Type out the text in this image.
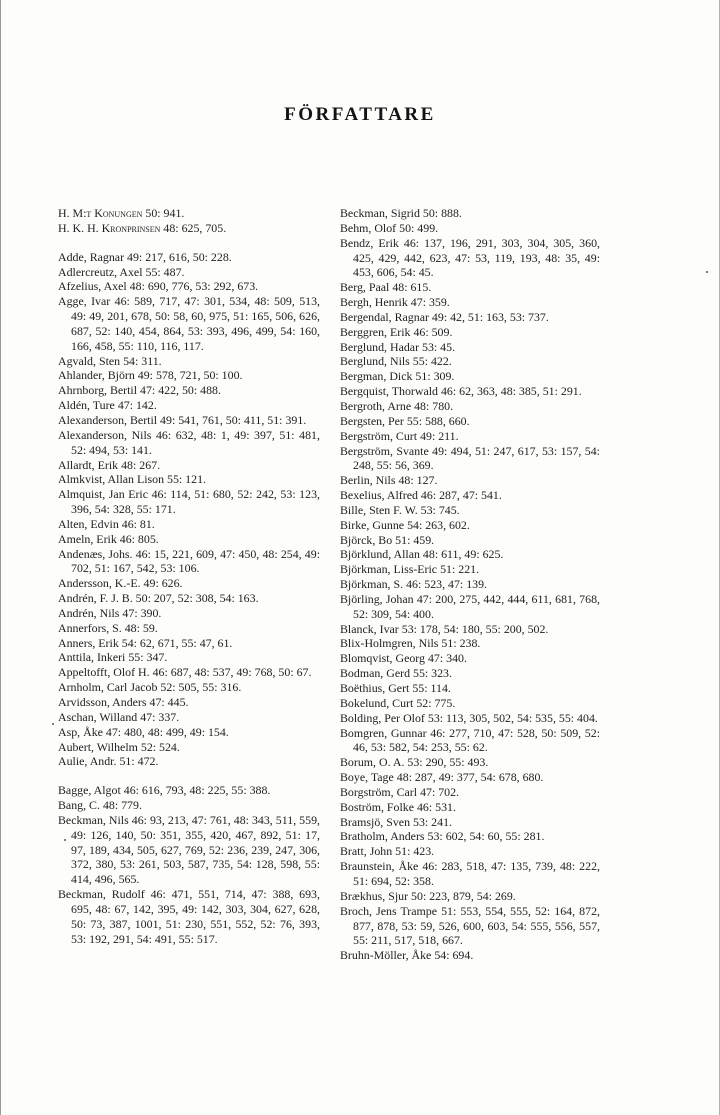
FÖRFATTARE
H. M:t Konungen 50: 941.
H. K. H. Kronprinsen 48: 625, 705.
Adde, Ragnar 49: 217, 616, 50: 228.
Adlercreutz, Axel 55: 487.
Afzelius, Axel 48: 690, 776, 53: 292, 673.
Agge, Ivar 46: 589, 717, 47: 301, 534, 48: 509, 513, 49: 49, 201, 678, 50: 58, 60, 975, 51: 165, 506, 626, 687, 52: 140, 454, 864, 53: 393, 496, 499, 54: 160, 166, 458, 55: 110, 116, 117.
Agvald, Sten 54: 311.
Ahlander, Björn 49: 578, 721, 50: 100.
Ahrnborg, Bertil 47: 422, 50: 488.
Aldén, Ture 47: 142.
Alexanderson, Bertil 49: 541, 761, 50: 411, 51: 391.
Alexanderson, Nils 46: 632, 48: 1, 49: 397, 51: 481, 52: 494, 53: 141.
Allardt, Erik 48: 267.
Almkvist, Allan Lison 55: 121.
Almquist, Jan Eric 46: 114, 51: 680, 52: 242, 53: 123, 396, 54: 328, 55: 171.
Alten, Edvin 46: 81.
Ameln, Erik 46: 805.
Andenæs, Johs. 46: 15, 221, 609, 47: 450, 48: 254, 49: 702, 51: 167, 542, 53: 106.
Andersson, K.-E. 49: 626.
Andrén, F. J. B. 50: 207, 52: 308, 54: 163.
Andrén, Nils 47: 390.
Annerfors, S. 48: 59.
Anners, Erik 54: 62, 671, 55: 47, 61.
Anttila, Inkeri 55: 347.
Appeltofft, Olof H. 46: 687, 48: 537, 49: 768, 50: 67.
Arnholm, Carl Jacob 52: 505, 55: 316.
Arvidsson, Anders 47: 445.
Aschan, Willand 47: 337.
Asp, Åke 47: 480, 48: 499, 49: 154.
Aubert, Wilhelm 52: 524.
Aulie, Andr. 51: 472.
Bagge, Algot 46: 616, 793, 48: 225, 55: 388.
Bang, C. 48: 779.
Beckman, Nils 46: 93, 213, 47: 761, 48: 343, 511, 559, 49: 126, 140, 50: 351, 355, 420, 467, 892, 51: 17, 97, 189, 434, 505, 627, 769, 52: 236, 239, 247, 306, 372, 380, 53: 261, 503, 587, 735, 54: 128, 598, 55: 414, 496, 565.
Beckman, Rudolf 46: 471, 551, 714, 47: 388, 693, 695, 48: 67, 142, 395, 49: 142, 303, 304, 627, 628, 50: 73, 387, 1001, 51: 230, 551, 552, 52: 76, 393, 53: 192, 291, 54: 491, 55: 517.
Beckman, Sigrid 50: 888.
Behm, Olof 50: 499.
Bendz, Erik 46: 137, 196, 291, 303, 304, 305, 360, 425, 429, 442, 623, 47: 53, 119, 193, 48: 35, 49: 453, 606, 54: 45.
Berg, Paal 48: 615.
Bergh, Henrik 47: 359.
Bergendal, Ragnar 49: 42, 51: 163, 53: 737.
Berggren, Erik 46: 509.
Berglund, Hadar 53: 45.
Berglund, Nils 55: 422.
Bergman, Dick 51: 309.
Bergquist, Thorwald 46: 62, 363, 48: 385, 51: 291.
Bergroth, Arne 48: 780.
Bergsten, Per 55: 588, 660.
Bergström, Curt 49: 211.
Bergström, Svante 49: 494, 51: 247, 617, 53: 157, 54: 248, 55: 56, 369.
Berlin, Nils 48: 127.
Bexelius, Alfred 46: 287, 47: 541.
Bille, Sten F. W. 53: 745.
Birke, Gunne 54: 263, 602.
Björck, Bo 51: 459.
Björklund, Allan 48: 611, 49: 625.
Björkman, Liss-Eric 51: 221.
Björkman, S. 46: 523, 47: 139.
Björling, Johan 47: 200, 275, 442, 444, 611, 681, 768, 52: 309, 54: 400.
Blanck, Ivar 53: 178, 54: 180, 55: 200, 502.
Blix-Holmgren, Nils 51: 238.
Blomqvist, Georg 47: 340.
Bodman, Gerd 55: 323.
Boëthius, Gert 55: 114.
Bokelund, Curt 52: 775.
Bolding, Per Olof 53: 113, 305, 502, 54: 535, 55: 404.
Bomgren, Gunnar 46: 277, 710, 47: 528, 50: 509, 52: 46, 53: 582, 54: 253, 55: 62.
Borum, O. A. 53: 290, 55: 493.
Boye, Tage 48: 287, 49: 377, 54: 678, 680.
Borgström, Carl 47: 702.
Boström, Folke 46: 531.
Bramsjö, Sven 53: 241.
Bratholm, Anders 53: 602, 54: 60, 55: 281.
Bratt, John 51: 423.
Braunstein, Åke 46: 283, 518, 47: 135, 739, 48: 222, 51: 694, 52: 358.
Brækhus, Sjur 50: 223, 879, 54: 269.
Broch, Jens Trampe 51: 553, 554, 555, 52: 164, 872, 877, 878, 53: 59, 526, 600, 603, 54: 555, 556, 557, 55: 211, 517, 518, 667.
Bruhn-Möller, Åke 54: 694.
